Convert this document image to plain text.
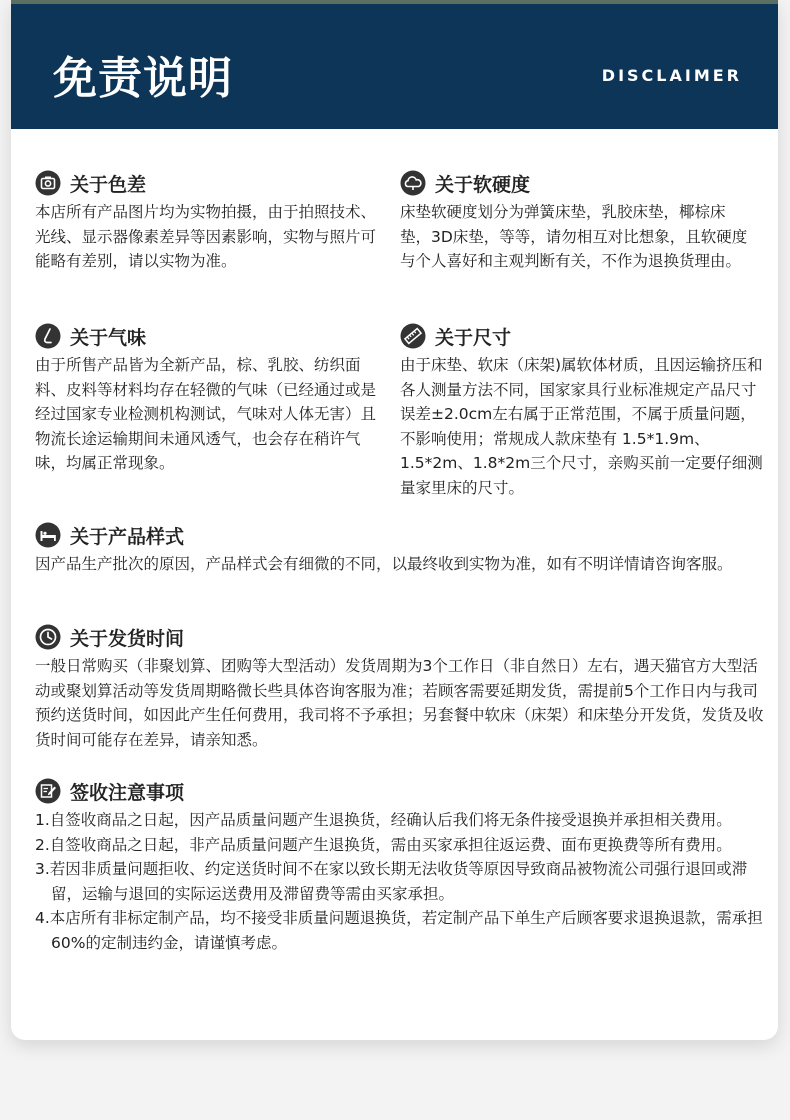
免责说明	DISCLAIMER
关于色差
本店所有产品图片均为实物拍摄，由于拍照技术、光线、显示器像素差异等因素影响，实物与照片可能略有差别，请以实物为准。
关于软硬度
床垫软硬度划分为弹簧床垫，乳胶床垫，椰棕床垫，3D床垫，等等，请勿相互对比想象，且软硬度与个人喜好和主观判断有关，不作为退换货理由。
关于气味
由于所售产品皆为全新产品，棕、乳胶、纺织面料、皮料等材料均存在轻微的气味（已经通过或是经过国家专业检测机构测试，气味对人体无害）且物流长途运输期间未通风透气，也会存在稍许气味，均属正常现象。
关于尺寸
由于床垫、软床（床架)属软体材质，且因运输挤压和各人测量方法不同，国家家具行业标准规定产品尺寸误差±2.0cm左右属于正常范围，不属于质量问题，不影响使用；常规成人款床垫有 1.5*1.9m、1.5*2m、1.8*2m三个尺寸，亲购买前一定要仔细测量家里床的尺寸。
关于产品样式
因产品生产批次的原因，产品样式会有细微的不同，以最终收到实物为准，如有不明详情请咨询客服。
关于发货时间
一般日常购买（非聚划算、团购等大型活动）发货周期为3个工作日（非自然日）左右，遇天猫官方大型活动或聚划算活动等发货周期略微长些具体咨询客服为准；若顾客需要延期发货，需提前5个工作日内与我司预约送货时间，如因此产生任何费用，我司将不予承担；另套餐中软床（床架）和床垫分开发货，发货及收货时间可能存在差异，请亲知悉。
签收注意事项
1.自签收商品之日起，因产品质量问题产生退换货，经确认后我们将无条件接受退换并承担相关费用。
2.自签收商品之日起，非产品质量问题产生退换货，需由买家承担往返运费、面布更换费等所有费用。
3.若因非质量问题拒收、约定送货时间不在家以致长期无法收货等原因导致商品被物流公司强行退回或滞留，运输与退回的实际运送费用及滞留费等需由买家承担。
4.本店所有非标定制产品，均不接受非质量问题退换货，若定制产品下单生产后顾客要求退换退款，需承担60%的定制违约金，请谨慎考虑。
